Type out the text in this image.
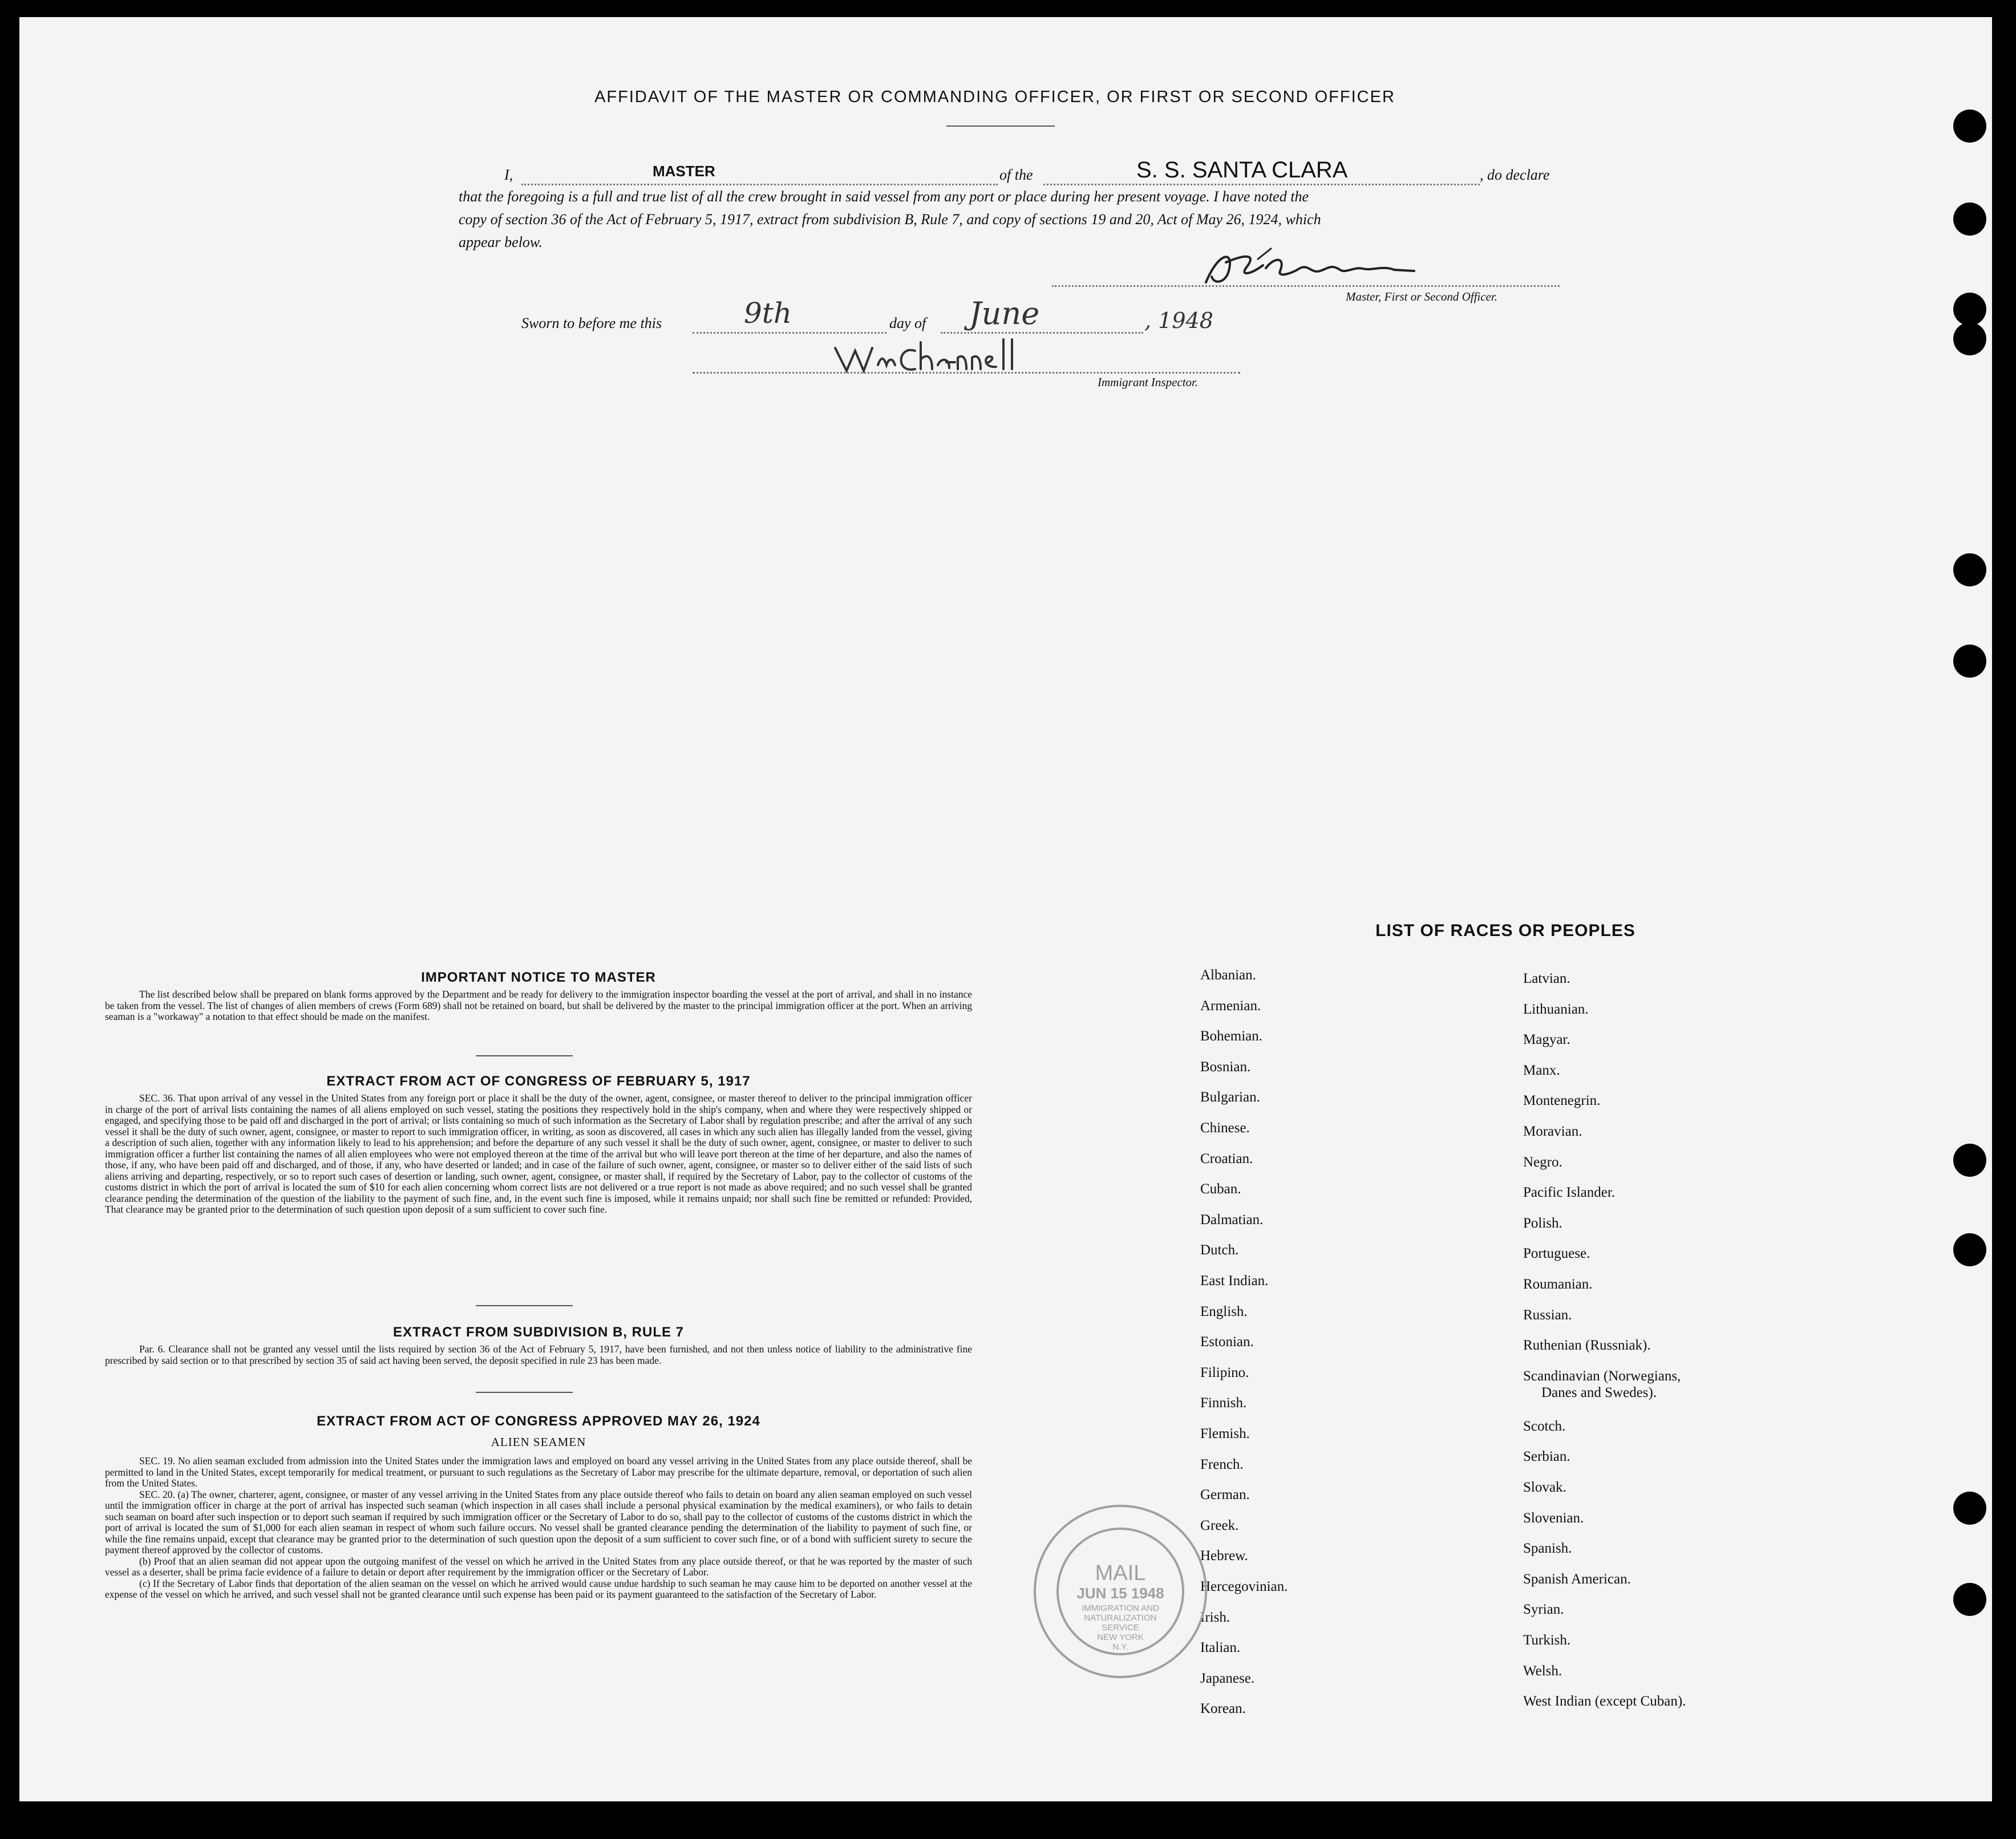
AFFIDAVIT OF THE MASTER OR COMMANDING OFFICER, OR FIRST OR SECOND OFFICER
I,	MASTER	of the	S. S. SANTA CLARA	, do declare
that the foregoing is a full and true list of all the crew brought in said vessel from any port or place during her present voyage. I have noted the
copy of section 36 of the Act of February 5, 1917, extract from subdivision B, Rule 7, and copy of sections 19 and 20, Act of May 26, 1924, which
appear below.
Master, First or Second Officer.
Sworn to before me this	9th	day of June	, 1948
Immigrant Inspector.
IMPORTANT NOTICE TO MASTER
The list described below shall be prepared on blank forms approved by the Department and be ready for delivery to the immigration inspector boarding the vessel at the port of arrival, and shall in no instance be taken from the vessel. The list of changes of alien members of crews (Form 689) shall not be retained on board, but shall be delivered by the master to the principal immigration officer at the port. When an arriving seaman is a "workaway" a notation to that effect should be made on the manifest.
EXTRACT FROM ACT OF CONGRESS OF FEBRUARY 5, 1917
SEC. 36. That upon arrival of any vessel in the United States from any foreign port or place it shall be the duty of the owner, agent, consignee, or master thereof to deliver to the principal immigration officer in charge of the port of arrival lists containing the names of all aliens employed on such vessel, stating the positions they respectively hold in the ship's company, when and where they were respectively shipped or engaged, and specifying those to be paid off and discharged in the port of arrival; or lists containing so much of such information as the Secretary of Labor shall by regulation prescribe; and after the arrival of any such vessel it shall be the duty of such owner, agent, consignee, or master to report to such immigration officer, in writing, as soon as discovered, all cases in which any such alien has illegally landed from the vessel, giving a description of such alien, together with any information likely to lead to his apprehension; and before the departure of any such vessel it shall be the duty of such owner, agent, consignee, or master to deliver to such immigration officer a further list containing the names of all alien employees who were not employed thereon at the time of the arrival but who will leave port thereon at the time of her departure, and also the names of those, if any, who have been paid off and discharged, and of those, if any, who have deserted or landed; and in case of the failure of such owner, agent, consignee, or master so to deliver either of the said lists of such aliens arriving and departing, respectively, or so to report such cases of desertion or landing, such owner, agent, consignee, or master shall, if required by the Secretary of Labor, pay to the collector of customs of the customs district in which the port of arrival is located the sum of $10 for each alien concerning whom correct lists are not delivered or a true report is not made as above required; and no such vessel shall be granted clearance pending the determination of the question of the liability to the payment of such fine, and, in the event such fine is imposed, while it remains unpaid; nor shall such fine be remitted or refunded: Provided, That clearance may be granted prior to the determination of such question upon deposit of a sum sufficient to cover such fine.
EXTRACT FROM SUBDIVISION B, RULE 7
Par. 6. Clearance shall not be granted any vessel until the lists required by section 36 of the Act of February 5, 1917, have been furnished, and not then unless notice of liability to the administrative fine prescribed by said section or to that prescribed by section 35 of said act having been served, the deposit specified in rule 23 has been made.
EXTRACT FROM ACT OF CONGRESS APPROVED MAY 26, 1924
ALIEN SEAMEN
SEC. 19. No alien seaman excluded from admission into the United States under the immigration laws and employed on board any vessel arriving in the United States from any place outside thereof, shall be permitted to land in the United States, except temporarily for medical treatment, or pursuant to such regulations as the Secretary of Labor may prescribe for the ultimate departure, removal, or deportation of such alien from the United States.
SEC. 20. (a) The owner, charterer, agent, consignee, or master of any vessel arriving in the United States from any place outside thereof who fails to detain on board any alien seaman employed on such vessel until the immigration officer in charge at the port of arrival has inspected such seaman (which inspection in all cases shall include a personal physical examination by the medical examiners), or who fails to detain such seaman on board after such inspection or to deport such seaman if required by such immigration officer or the Secretary of Labor to do so, shall pay to the collector of customs of the customs district in which the port of arrival is located the sum of $1,000 for each alien seaman in respect of whom such failure occurs. No vessel shall be granted clearance pending the determination of the liability to payment of such fine, or while the fine remains unpaid, except that clearance may be granted prior to the determination of such question upon the deposit of a sum sufficient to cover such fine, or of a bond with sufficient surety to secure the payment thereof approved by the collector of customs.
(b) Proof that an alien seaman did not appear upon the outgoing manifest of the vessel on which he arrived in the United States from any place outside thereof, or that he was reported by the master of such vessel as a deserter, shall be prima facie evidence of a failure to detain or deport after requirement by the immigration officer or the Secretary of Labor.
(c) If the Secretary of Labor finds that deportation of the alien seaman on the vessel on which he arrived would cause undue hardship to such seaman he may cause him to be deported on another vessel at the expense of the vessel on which he arrived, and such vessel shall not be granted clearance until such expense has been paid or its payment guaranteed to the satisfaction of the Secretary of Labor.
LIST OF RACES OR PEOPLES
Albanian.
Armenian.
Bohemian.
Bosnian.
Bulgarian.
Chinese.
Croatian.
Cuban.
Dalmatian.
Dutch.
East Indian.
English.
Estonian.
Filipino.
Finnish.
Flemish.
French.
German.
Greek.
Hebrew.
Hercegovinian.
Irish.
Italian.
Japanese.
Korean.
Latvian.
Lithuanian.
Magyar.
Manx.
Montenegrin.
Moravian.
Negro.
Pacific Islander.
Polish.
Portuguese.
Roumanian.
Russian.
Ruthenian (Russniak).
Scandinavian (Norwegians,
Scotch.
Serbian.
Slovak.
Slovenian.
Spanish.
Spanish American.
Syrian.
Turkish.
Welsh.
West Indian (except Cuban).
Danes and Swedes).
MAIL
JUN 15 1948
IMMIGRATION AND
NATURALIZATION
SERVICE
NEW YORK
N.Y.
